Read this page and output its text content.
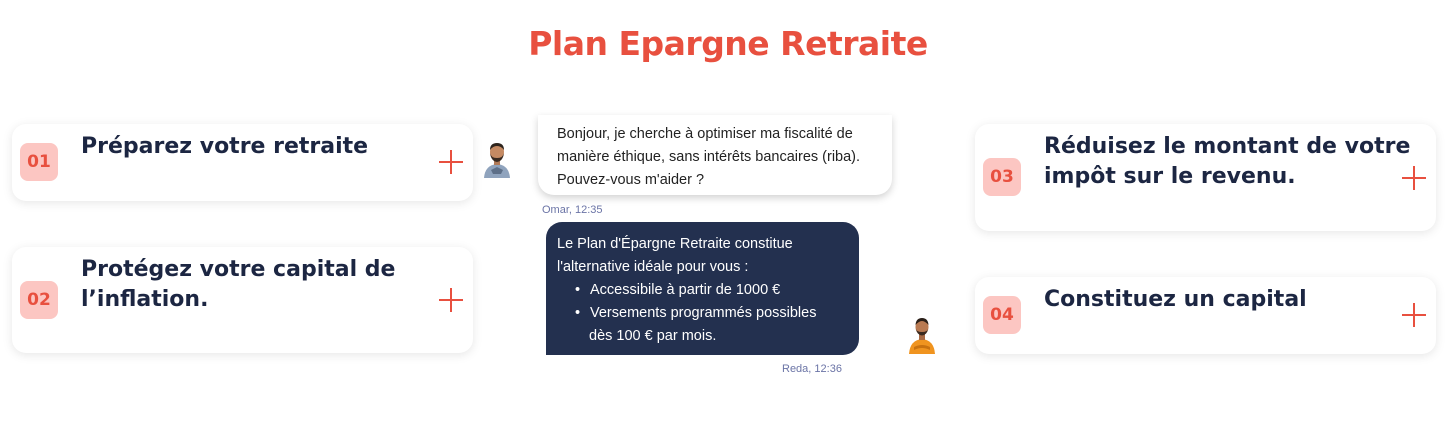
Plan Epargne Retraite
01
Préparez votre retraite
02
Protégez votre capital de
l’inflation.
03
Réduisez le montant de votre
impôt sur le revenu.
04
Constituez un capital
Bonjour, je cherche à optimiser ma fiscalité de
manière éthique, sans intérêts bancaires (riba).
Pouvez-vous m'aider ?
Omar, 12:35
Le Plan d'Épargne Retraite constitue
l'alternative idéale pour vous :
• Accessibile à partir de 1000 €
• Versements programmés possibles
dès 100 € par mois.
Reda, 12:36
